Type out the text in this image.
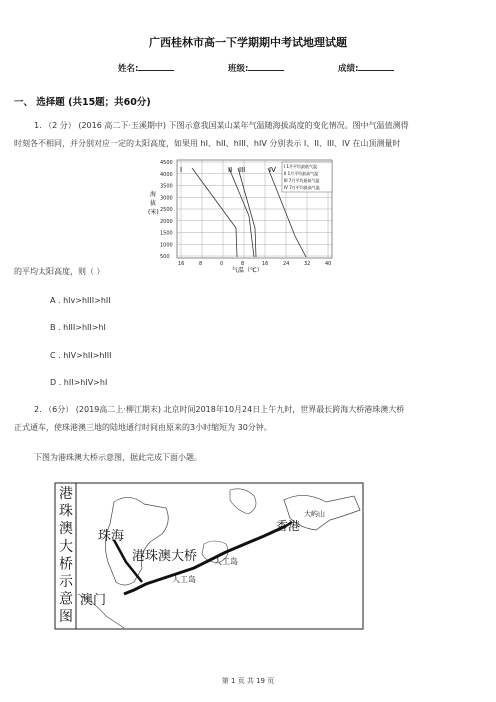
广西桂林市高一下学期期中考试地理试题
姓名:	班级:	成绩:
一、 选择题 (共15题；共60分)
1. （2 分） (2016 高二下·玉溪期中) 下图示意我国某山某年气温随海拔高度的变化情况。图中气温值测得
时刻各不相同，并分别对应一定的太阳高度，如果用 hI、hII、hIII、hIV 分别表示 I、II、III、IV 在山顶测量时
海 拔 (米)
4500
4000
3500
3000
2500
2000
1500
1000
500
16	8	0	8	16	24	32	40
气温（℃）
I	II III	IV I 1月平均最低气温
II 1月平均最高气温
III 7月平均最低气温
IV 7月平均最高气温
的平均太阳高度，则（ ）
A . hIv>hIII>hII
B . hIII>hII>hI
C . hIV>hII>hIII
D . hII>hIV>hI
2. （6分） (2019高二上·柳江期末) 北京时间2018年10月24日上午九时，世界最长跨海大桥港珠澳大桥
正式通车，使珠港澳三地的陆地通行时间由原来的3小时缩短为 30分钟。
下图为港珠澳大桥示意图，据此完成下面小题。
港
珠
澳
大
桥
示
意
图
珠海
港珠澳大桥 人工岛
人工岛
香港
大屿山
澳门
第 1 页 共 19 页
